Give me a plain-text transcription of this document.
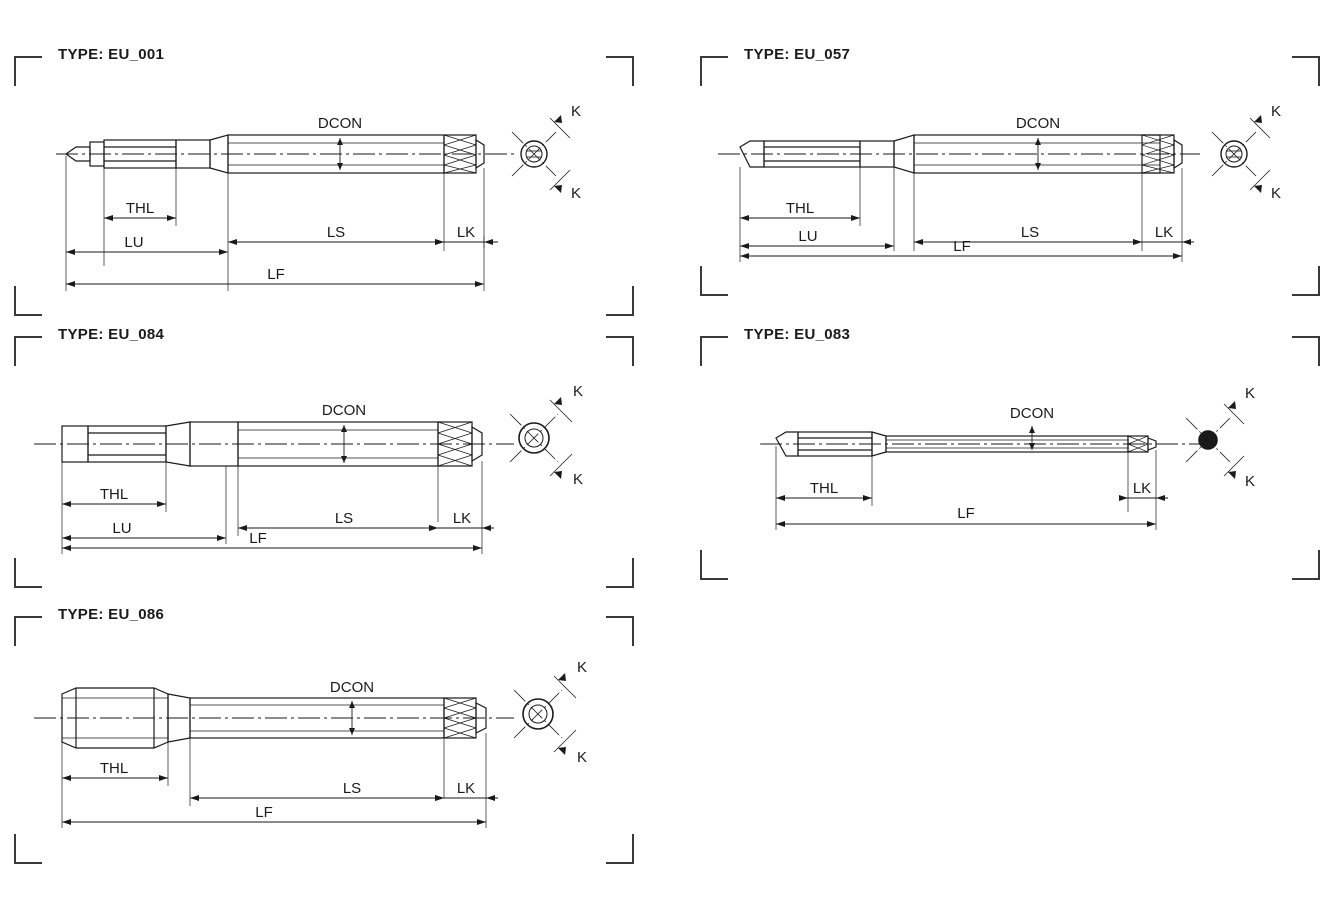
TYPE: EU_001
DCON
THL
LU
LS	LK
LF
K
K
TYPE: EU_057
DCON
THL
LU	LS	LK
LF
K
K
TYPE: EU_084
DCON
THL
LU
LS	LK
LF
K
K
TYPE: EU_083
DCON
THL	LK
LF
K
K
TYPE: EU_086
DCON
THL
LS	LK
LF
K
K
